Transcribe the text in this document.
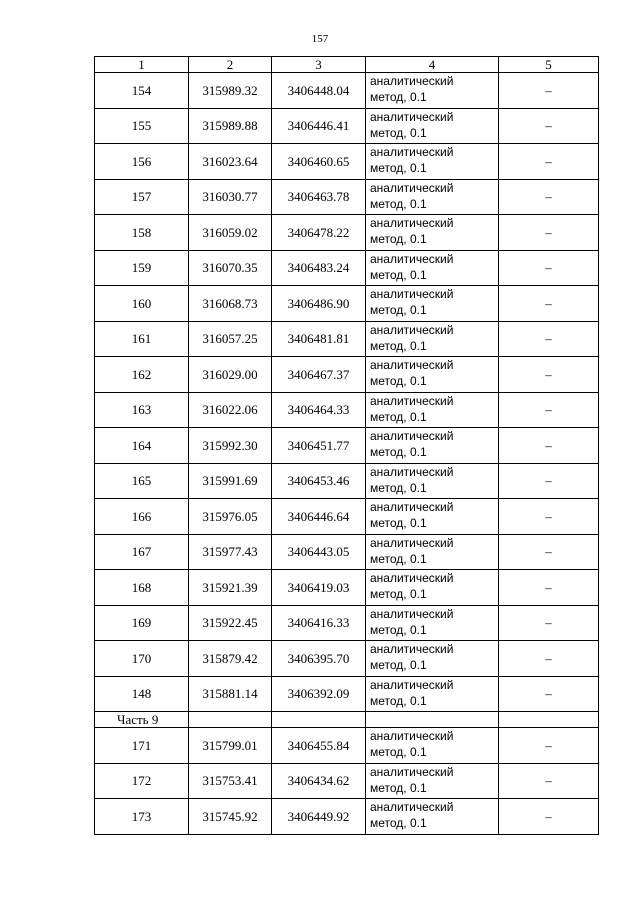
157
1	2	3	4	5
154	315989.32	3406448.04	аналитический
метод, 0.1	–
155	315989.88	3406446.41	аналитический
метод, 0.1	–
156	316023.64	3406460.65	аналитический
метод, 0.1	–
157	316030.77	3406463.78	аналитический
метод, 0.1	–
158	316059.02	3406478.22	аналитический
метод, 0.1	–
159	316070.35	3406483.24	аналитический
метод, 0.1	–
160	316068.73	3406486.90	аналитический
метод, 0.1	–
161	316057.25	3406481.81	аналитический
метод, 0.1	–
162	316029.00	3406467.37	аналитический
метод, 0.1	–
163	316022.06	3406464.33	аналитический
метод, 0.1	–
164	315992.30	3406451.77	аналитический
метод, 0.1	–
165	315991.69	3406453.46	аналитический
метод, 0.1	–
166	315976.05	3406446.64	аналитический
метод, 0.1	–
167	315977.43	3406443.05	аналитический
метод, 0.1	–
168	315921.39	3406419.03	аналитический
метод, 0.1	–
169	315922.45	3406416.33	аналитический
метод, 0.1	–
170	315879.42	3406395.70	аналитический
метод, 0.1	–
148	315881.14	3406392.09	аналитический
метод, 0.1	–
Часть 9				
171	315799.01	3406455.84	аналитический
метод, 0.1	–
172	315753.41	3406434.62	аналитический
метод, 0.1	–
173	315745.92	3406449.92	аналитический
метод, 0.1	–
